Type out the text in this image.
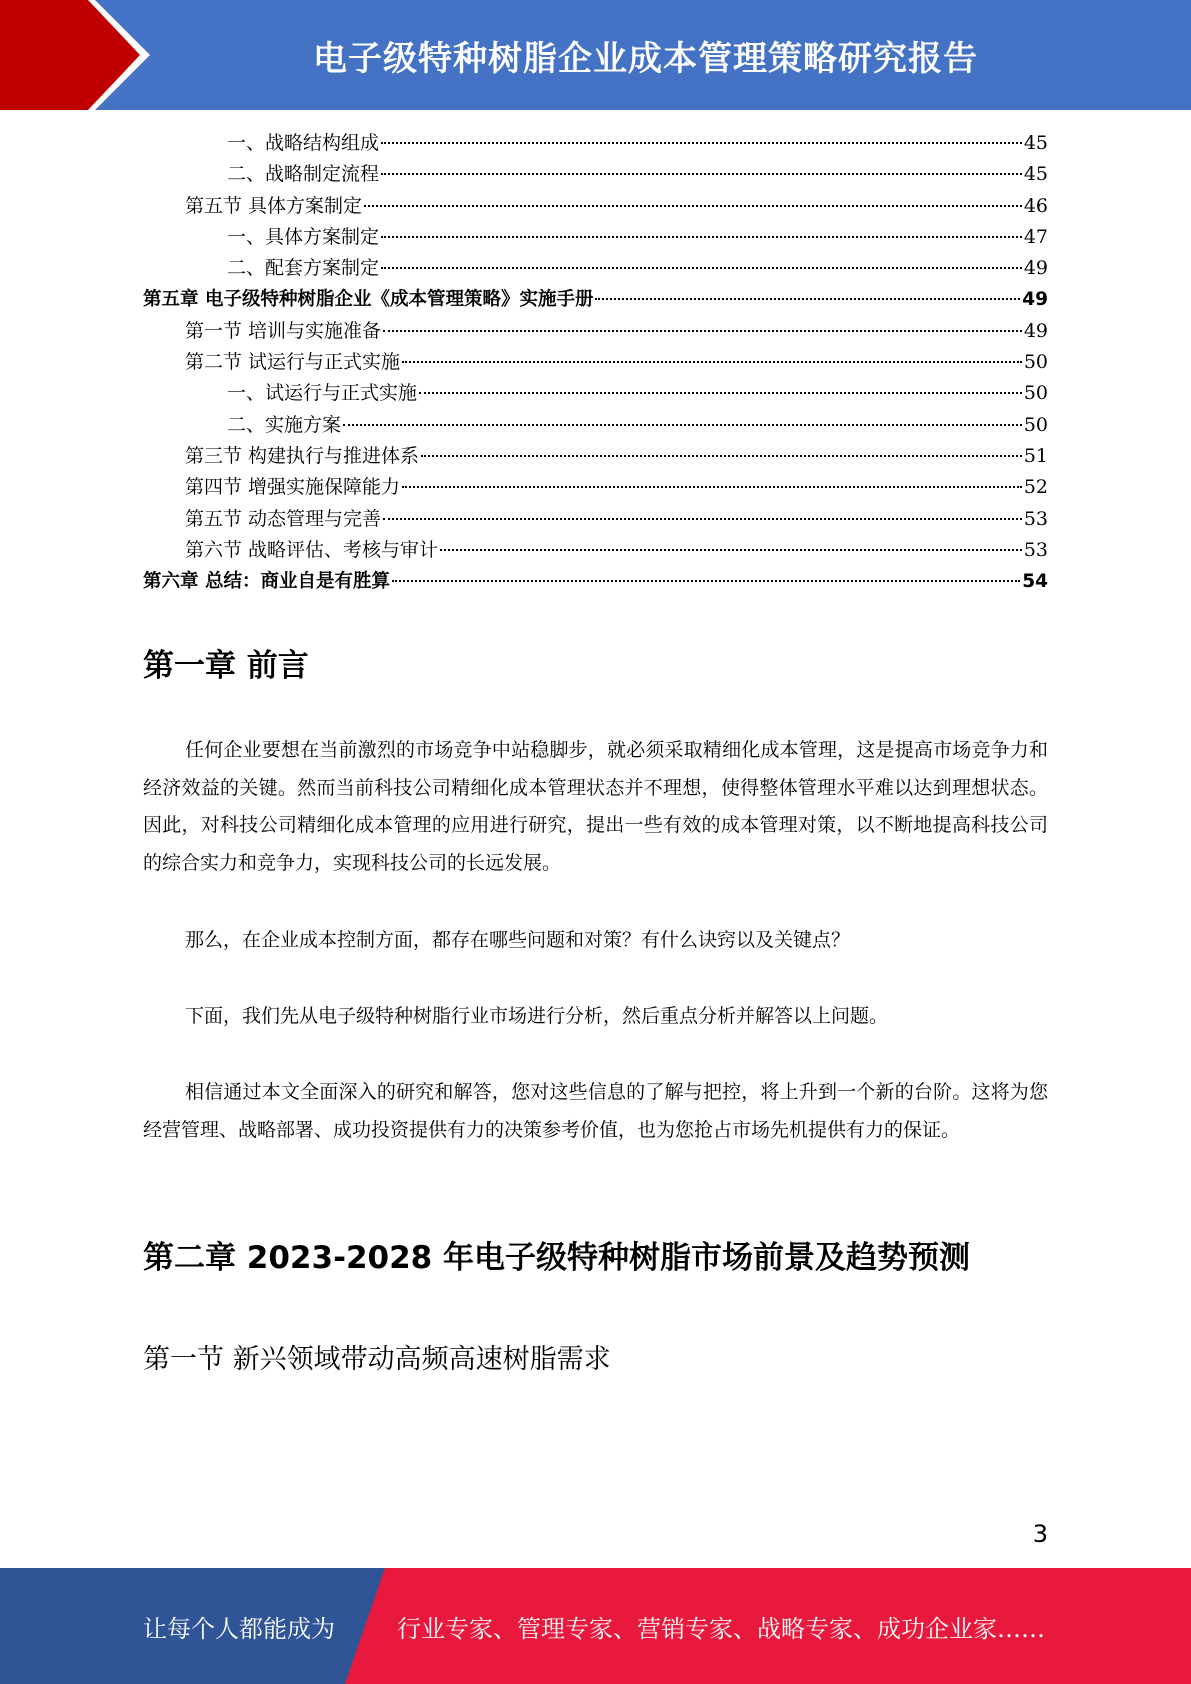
电子级特种树脂企业成本管理策略研究报告
一、战略结构组成	45
二、战略制定流程	45
第五节 具体方案制定	46
一、具体方案制定	47
二、配套方案制定	49
第五章 电子级特种树脂企业《成本管理策略》实施手册	49
第一节 培训与实施准备	49
第二节 试运行与正式实施	50
一、试运行与正式实施	50
二、实施方案	50
第三节 构建执行与推进体系	51
第四节 增强实施保障能力	52
第五节 动态管理与完善	53
第六节 战略评估、考核与审计	53
第六章 总结：商业自是有胜算	54
第一章 前言

任何企业要想在当前激烈的市场竞争中站稳脚步，就必须采取精细化成本管理，这是提高市场竞争力和经济效益的关键。然而当前科技公司精细化成本管理状态并不理想，使得整体管理水平难以达到理想状态。因此，对科技公司精细化成本管理的应用进行研究，提出一些有效的成本管理对策，以不断地提高科技公司的综合实力和竞争力，实现科技公司的长远发展。

那么，在企业成本控制方面，都存在哪些问题和对策？有什么诀窍以及关键点？

下面，我们先从电子级特种树脂行业市场进行分析，然后重点分析并解答以上问题。

相信通过本文全面深入的研究和解答，您对这些信息的了解与把控，将上升到一个新的台阶。这将为您经营管理、战略部署、成功投资提供有力的决策参考价值，也为您抢占市场先机提供有力的保证。

第二章 2023-2028 年电子级特种树脂市场前景及趋势预测
第一节 新兴领域带动高频高速树脂需求
3
让每个人都能成为	行业专家、管理专家、营销专家、战略专家、成功企业家……
